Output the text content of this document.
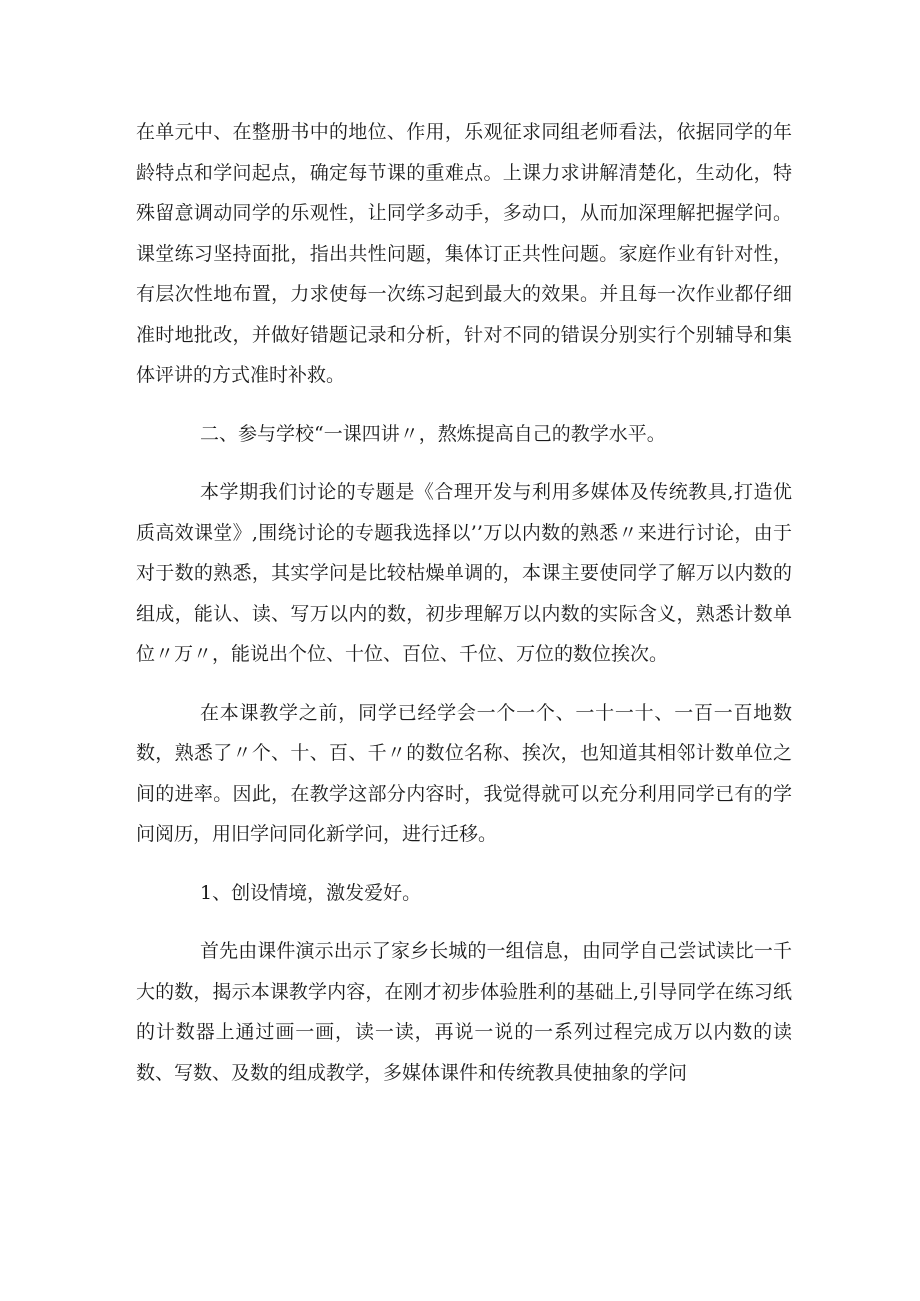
在单元中、在整册书中的地位、作用，乐观征求同组老师看法，依据同学的年龄特点和学问起点，确定每节课的重难点。上课力求讲解清楚化，生动化，特殊留意调动同学的乐观性，让同学多动手，多动口，从而加深理解把握学问。课堂练习坚持面批，指出共性问题，集体订正共性问题。家庭作业有针对性，有层次性地布置，力求使每一次练习起到最大的效果。并且每一次作业都仔细准时地批改，并做好错题记录和分析，针对不同的错误分别实行个别辅导和集体评讲的方式准时补救。

二、参与学校“一课四讲〃，熬炼提高自己的教学水平。

本学期我们讨论的专题是《合理开发与利用多媒体及传统教具,打造优质高效课堂》,围绕讨论的专题我选择以’’万以内数的熟悉〃来进行讨论，由于对于数的熟悉，其实学问是比较枯燥单调的，本课主要使同学了解万以内数的组成，能认、读、写万以内的数，初步理解万以内数的实际含义，熟悉计数单位〃万〃，能说出个位、十位、百位、千位、万位的数位挨次。

在本课教学之前，同学已经学会一个一个、一十一十、一百一百地数数，熟悉了〃个、十、百、千〃的数位名称、挨次，也知道其相邻计数单位之间的进率。因此，在教学这部分内容时，我觉得就可以充分利用同学已有的学问阅历，用旧学问同化新学问，进行迁移。

1、创设情境，激发爱好。

首先由课件演示出示了家乡长城的一组信息，由同学自己尝试读比一千大的数，揭示本课教学内容，在刚才初步体验胜利的基础上,引导同学在练习纸的计数器上通过画一画，读一读，再说一说的一系列过程完成万以内数的读数、写数、及数的组成教学，多媒体课件和传统教具使抽象的学问
